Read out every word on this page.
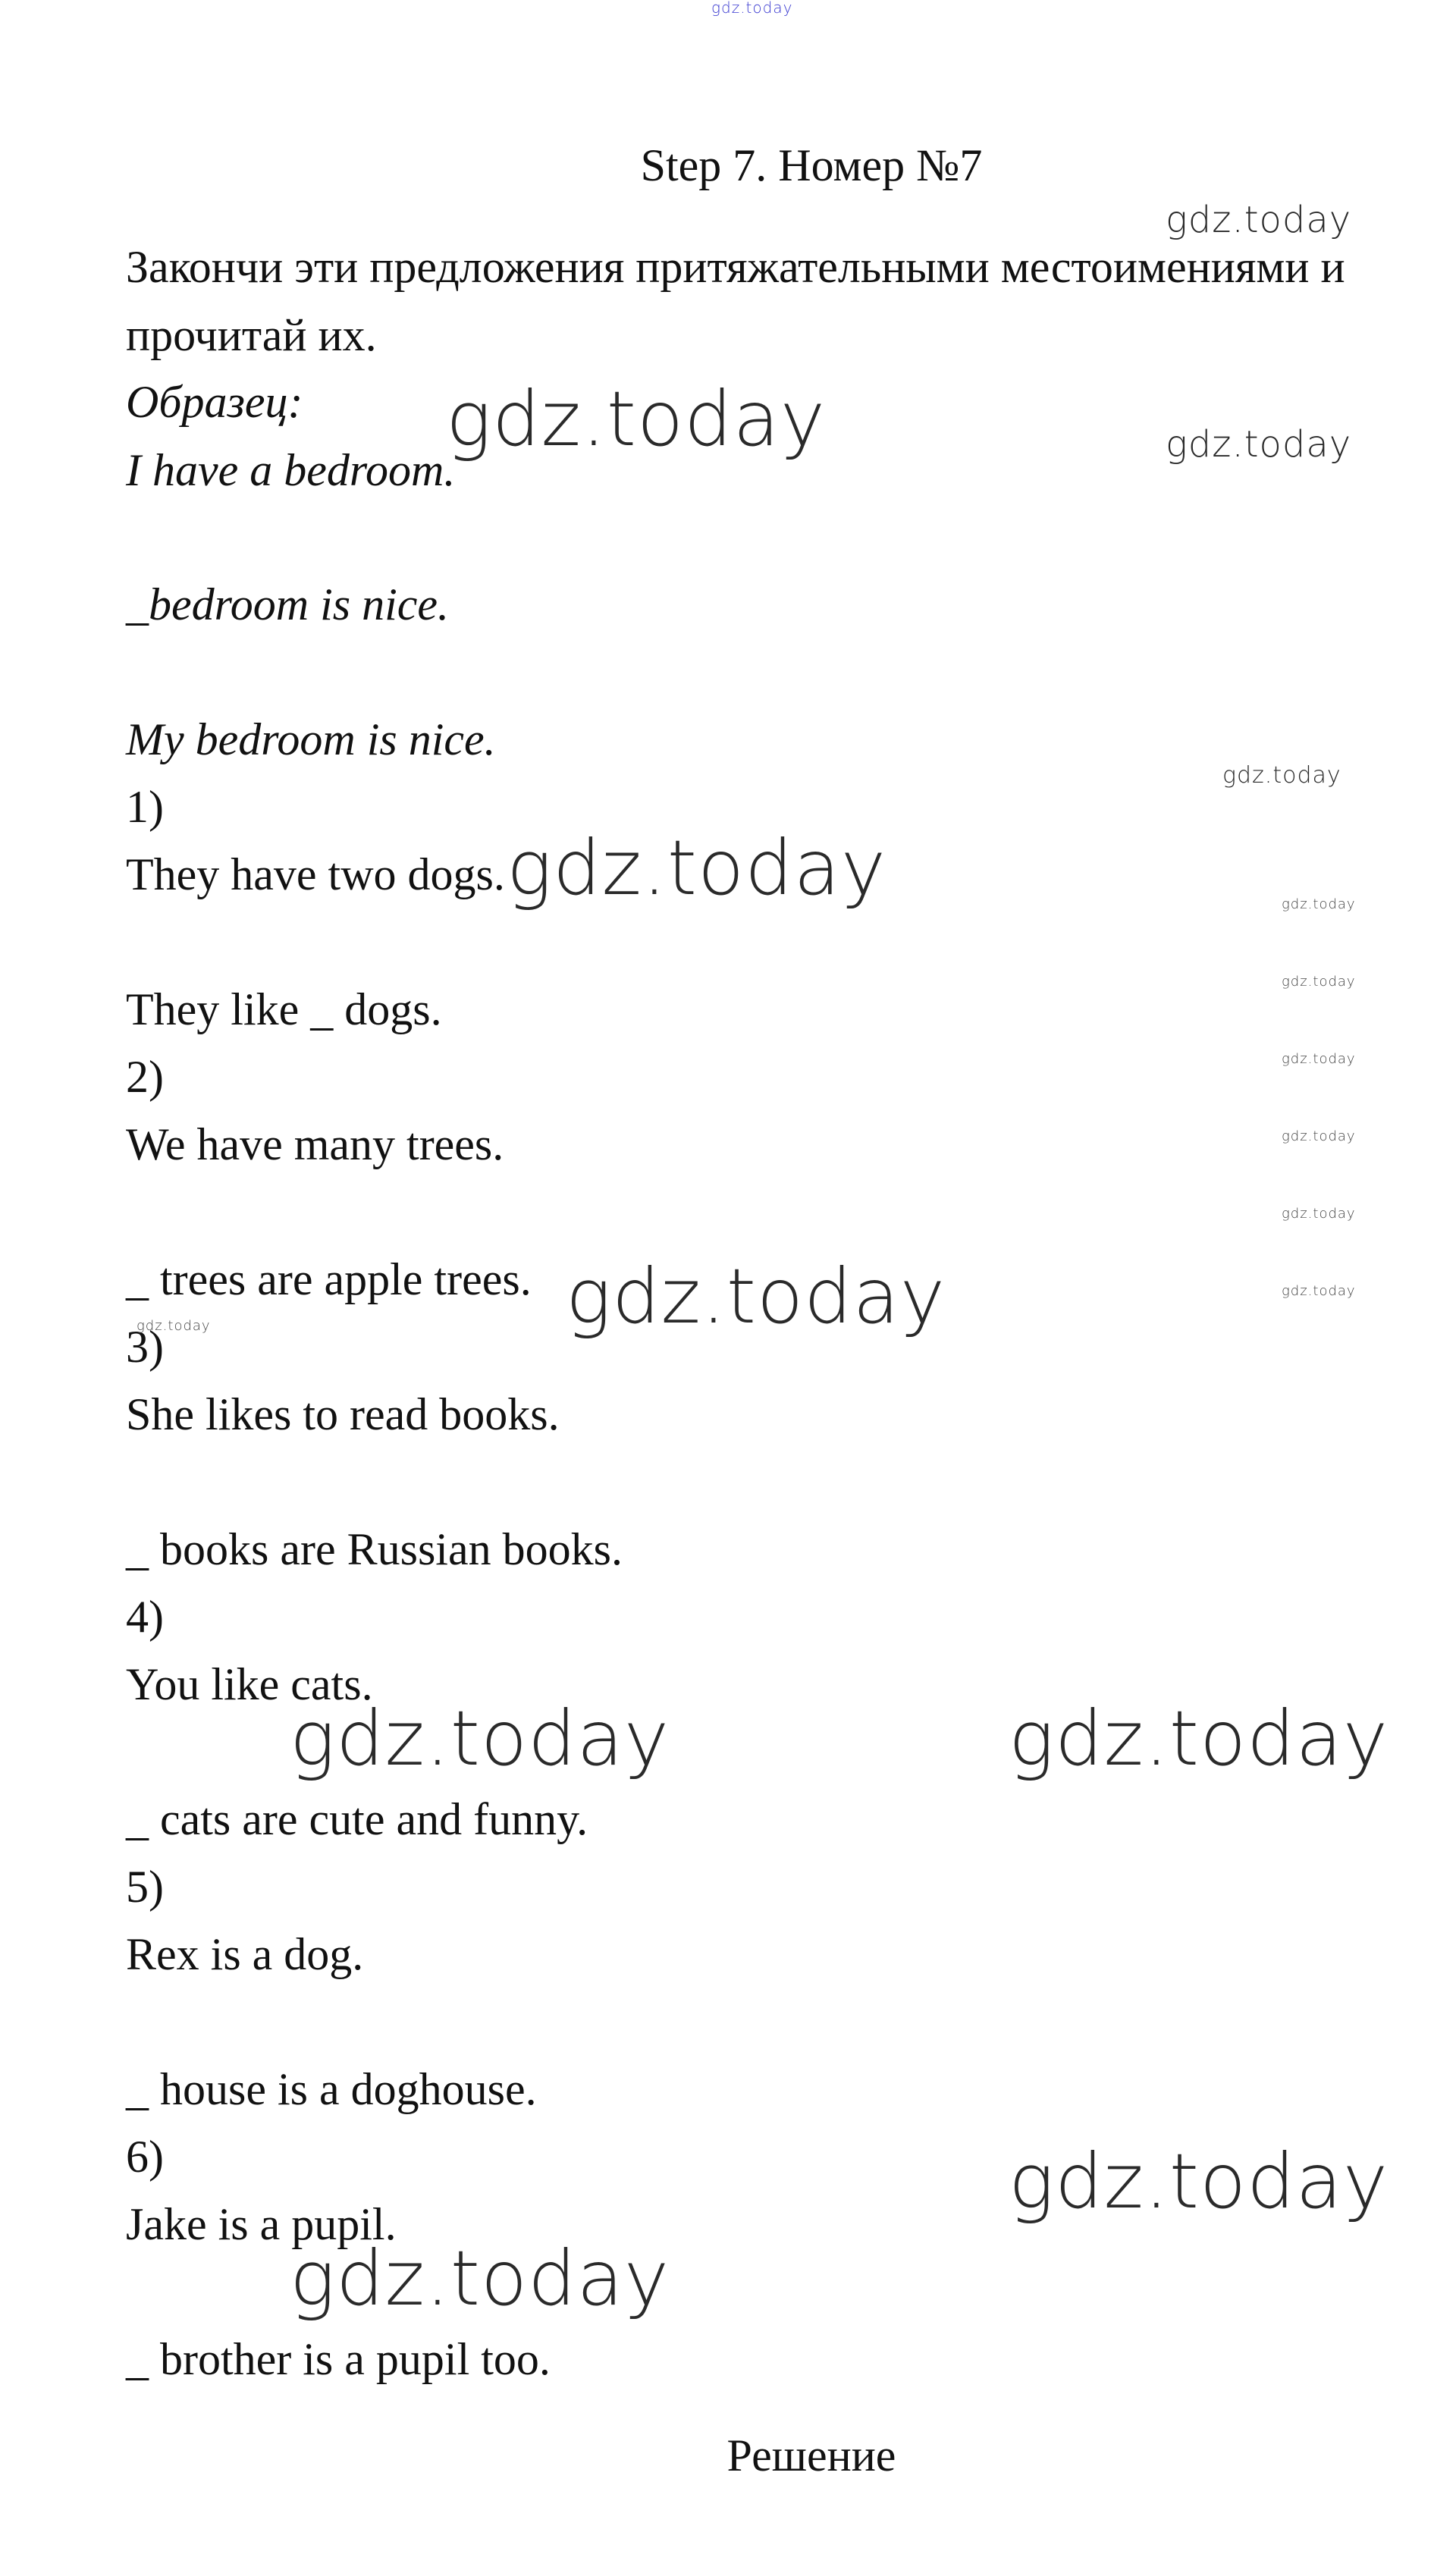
gdz.today
Step 7. Номер №7
Закончи эти предложения притяжательными местоимениями и
прочитай их.
Образец:
I have a bedroom.
_bedroom is nice.
My bedroom is nice.
1)
They have two dogs.
They like _ dogs.
2)
We have many trees.
_ trees are apple trees.
3)
She likes to read books.
_ books are Russian books.
4)
You like cats.
_ cats are cute and funny.
5)
Rex is a dog.
_ house is a doghouse.
6)
Jake is a pupil.
_ brother is a pupil too.
Решение
gdz.today
gdz.today	gdz.today
gdz.today
gdz.today	gdz.today
gdz.today
gdz.today
gdz.today
gdz.today
gdz.today
gdz.today
gdz.today
gdz.today	gdz.today
gdz.today
gdz.today
